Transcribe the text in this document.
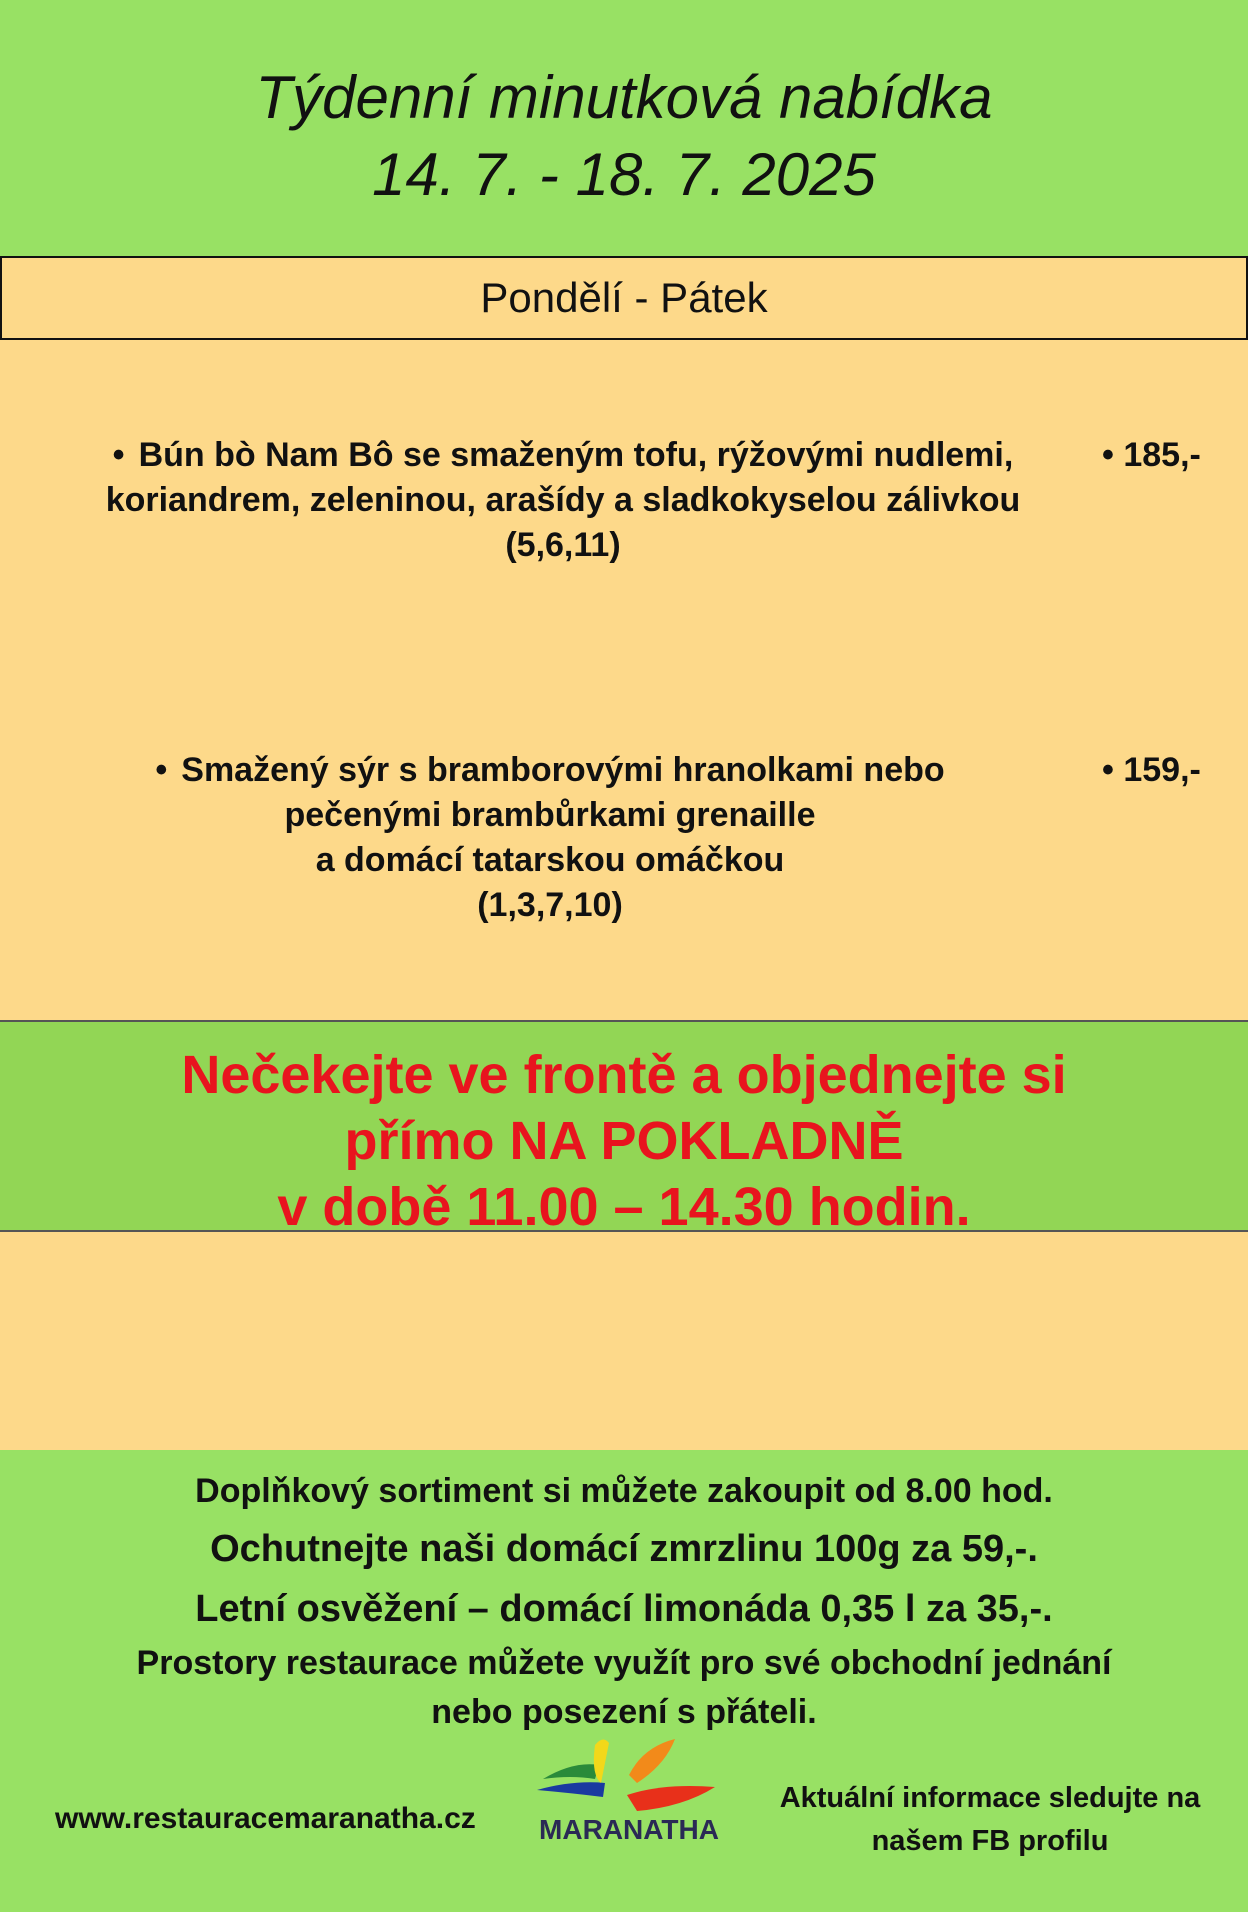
Týdenní minutková nabídka
14. 7. - 18. 7. 2025
Pondělí - Pátek
• Bún bò Nam Bô se smaženým tofu, rýžovými nudlemi,
koriandrem, zeleninou, arašídy a sladkokyselou zálivkou
(5,6,11)
• 185,-
• Smažený sýr s bramborovými hranolkami nebo
pečenými brambůrkami grenaille
a domácí tatarskou omáčkou
(1,3,7,10)
• 159,-
Nečekejte ve frontě a objednejte si
přímo NA POKLADNĚ
v době 11.00 – 14.30 hodin.
Doplňkový sortiment si můžete zakoupit od 8.00 hod.
Ochutnejte naši domácí zmrzlinu 100g za 59,-.
Letní osvěžení – domácí limonáda 0,35 l za 35,-.
Prostory restaurace můžete využít pro své obchodní jednání
nebo posezení s přáteli.
www.restauracemaranatha.cz MARANATHA
Aktuální informace sledujte na
našem FB profilu
